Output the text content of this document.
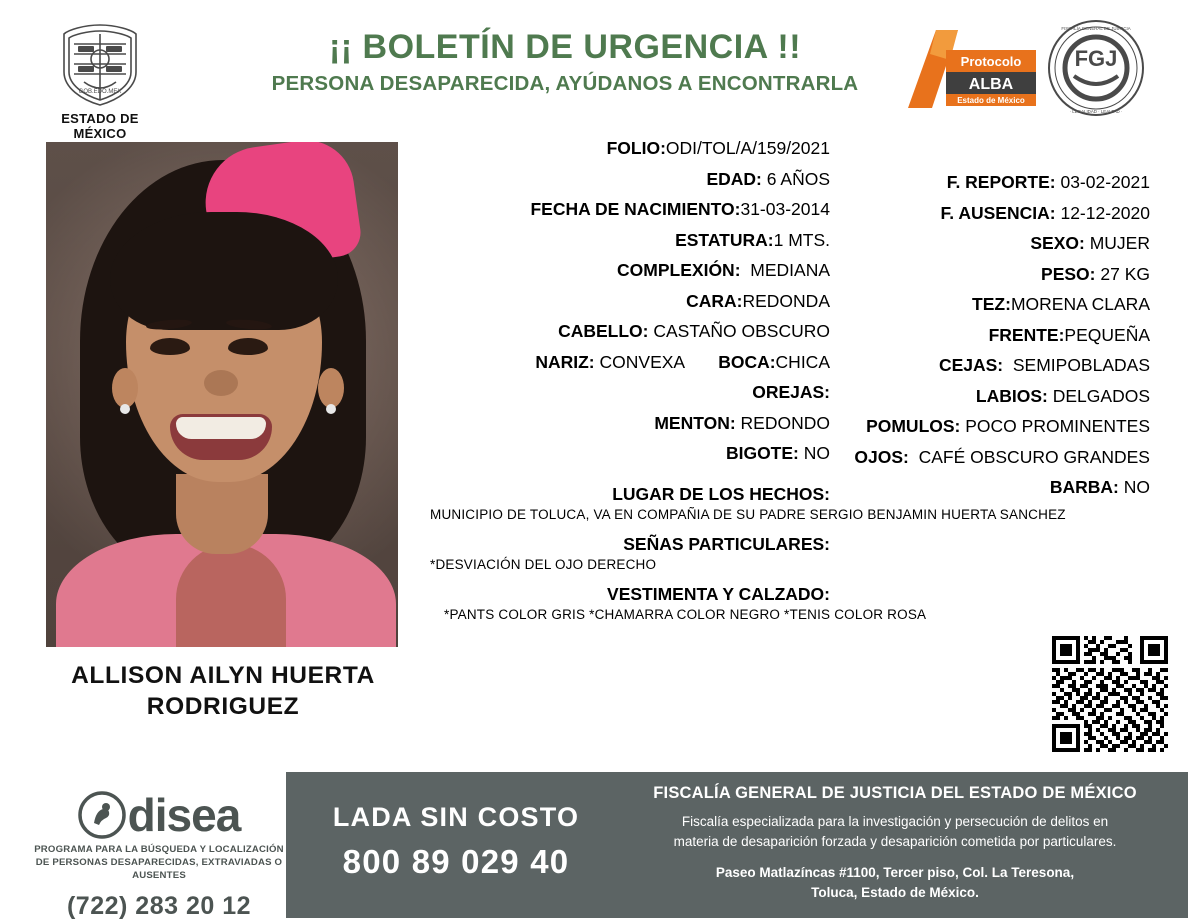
GOB.EDO.MEX
ESTADO DE MÉXICO
¡¡ BOLETÍN DE URGENCIA !!
PERSONA DESAPARECIDA, AYÚDANOS A ENCONTRARLA
Protocolo
ALBA
Estado de México
FGJ
FISCALÍA GENERAL DE JUSTICIA
· LEGALIDAD · LEALTAD ·
ALLISON AILYN HUERTA RODRIGUEZ
FOLIO:ODI/TOL/A/159/2021
EDAD: 6 AÑOS
FECHA DE NACIMIENTO:31-03-2014
ESTATURA:1 MTS.
COMPLEXIÓN: MEDIANA
CARA:REDONDA
CABELLO: CASTAÑO OBSCURO
NARIZ: CONVEXA BOCA:CHICA
OREJAS:
MENTON: REDONDO
BIGOTE: NO
LUGAR DE LOS HECHOS:
MUNICIPIO DE TOLUCA, VA EN COMPAÑIA DE SU PADRE SERGIO BENJAMIN HUERTA SANCHEZ
SEÑAS PARTICULARES:
*DESVIACIÓN DEL OJO DERECHO
VESTIMENTA Y CALZADO:
*PANTS COLOR GRIS *CHAMARRA COLOR NEGRO *TENIS COLOR ROSA
F. REPORTE: 03-02-2021
F. AUSENCIA: 12-12-2020
SEXO: MUJER
PESO: 27 KG
TEZ:MORENA CLARA
FRENTE:PEQUEÑA
CEJAS: SEMIPOBLADAS
LABIOS: DELGADOS
POMULOS: POCO PROMINENTES
OJOS: CAFÉ OBSCURO GRANDES
BARBA: NO
disea
PROGRAMA PARA LA BÚSQUEDA Y LOCALIZACIÓN
DE PERSONAS DESAPARECIDAS, EXTRAVIADAS O
AUSENTES
(722) 283 20 12
LADA SIN COSTO
800 89 029 40
FISCALÍA GENERAL DE JUSTICIA DEL ESTADO DE MÉXICO
Fiscalía especializada para la investigación y persecución de delitos en
materia de desaparición forzada y desaparición cometida por particulares.
Paseo Matlazíncas #1100, Tercer piso, Col. La Teresona,
Toluca, Estado de México.
